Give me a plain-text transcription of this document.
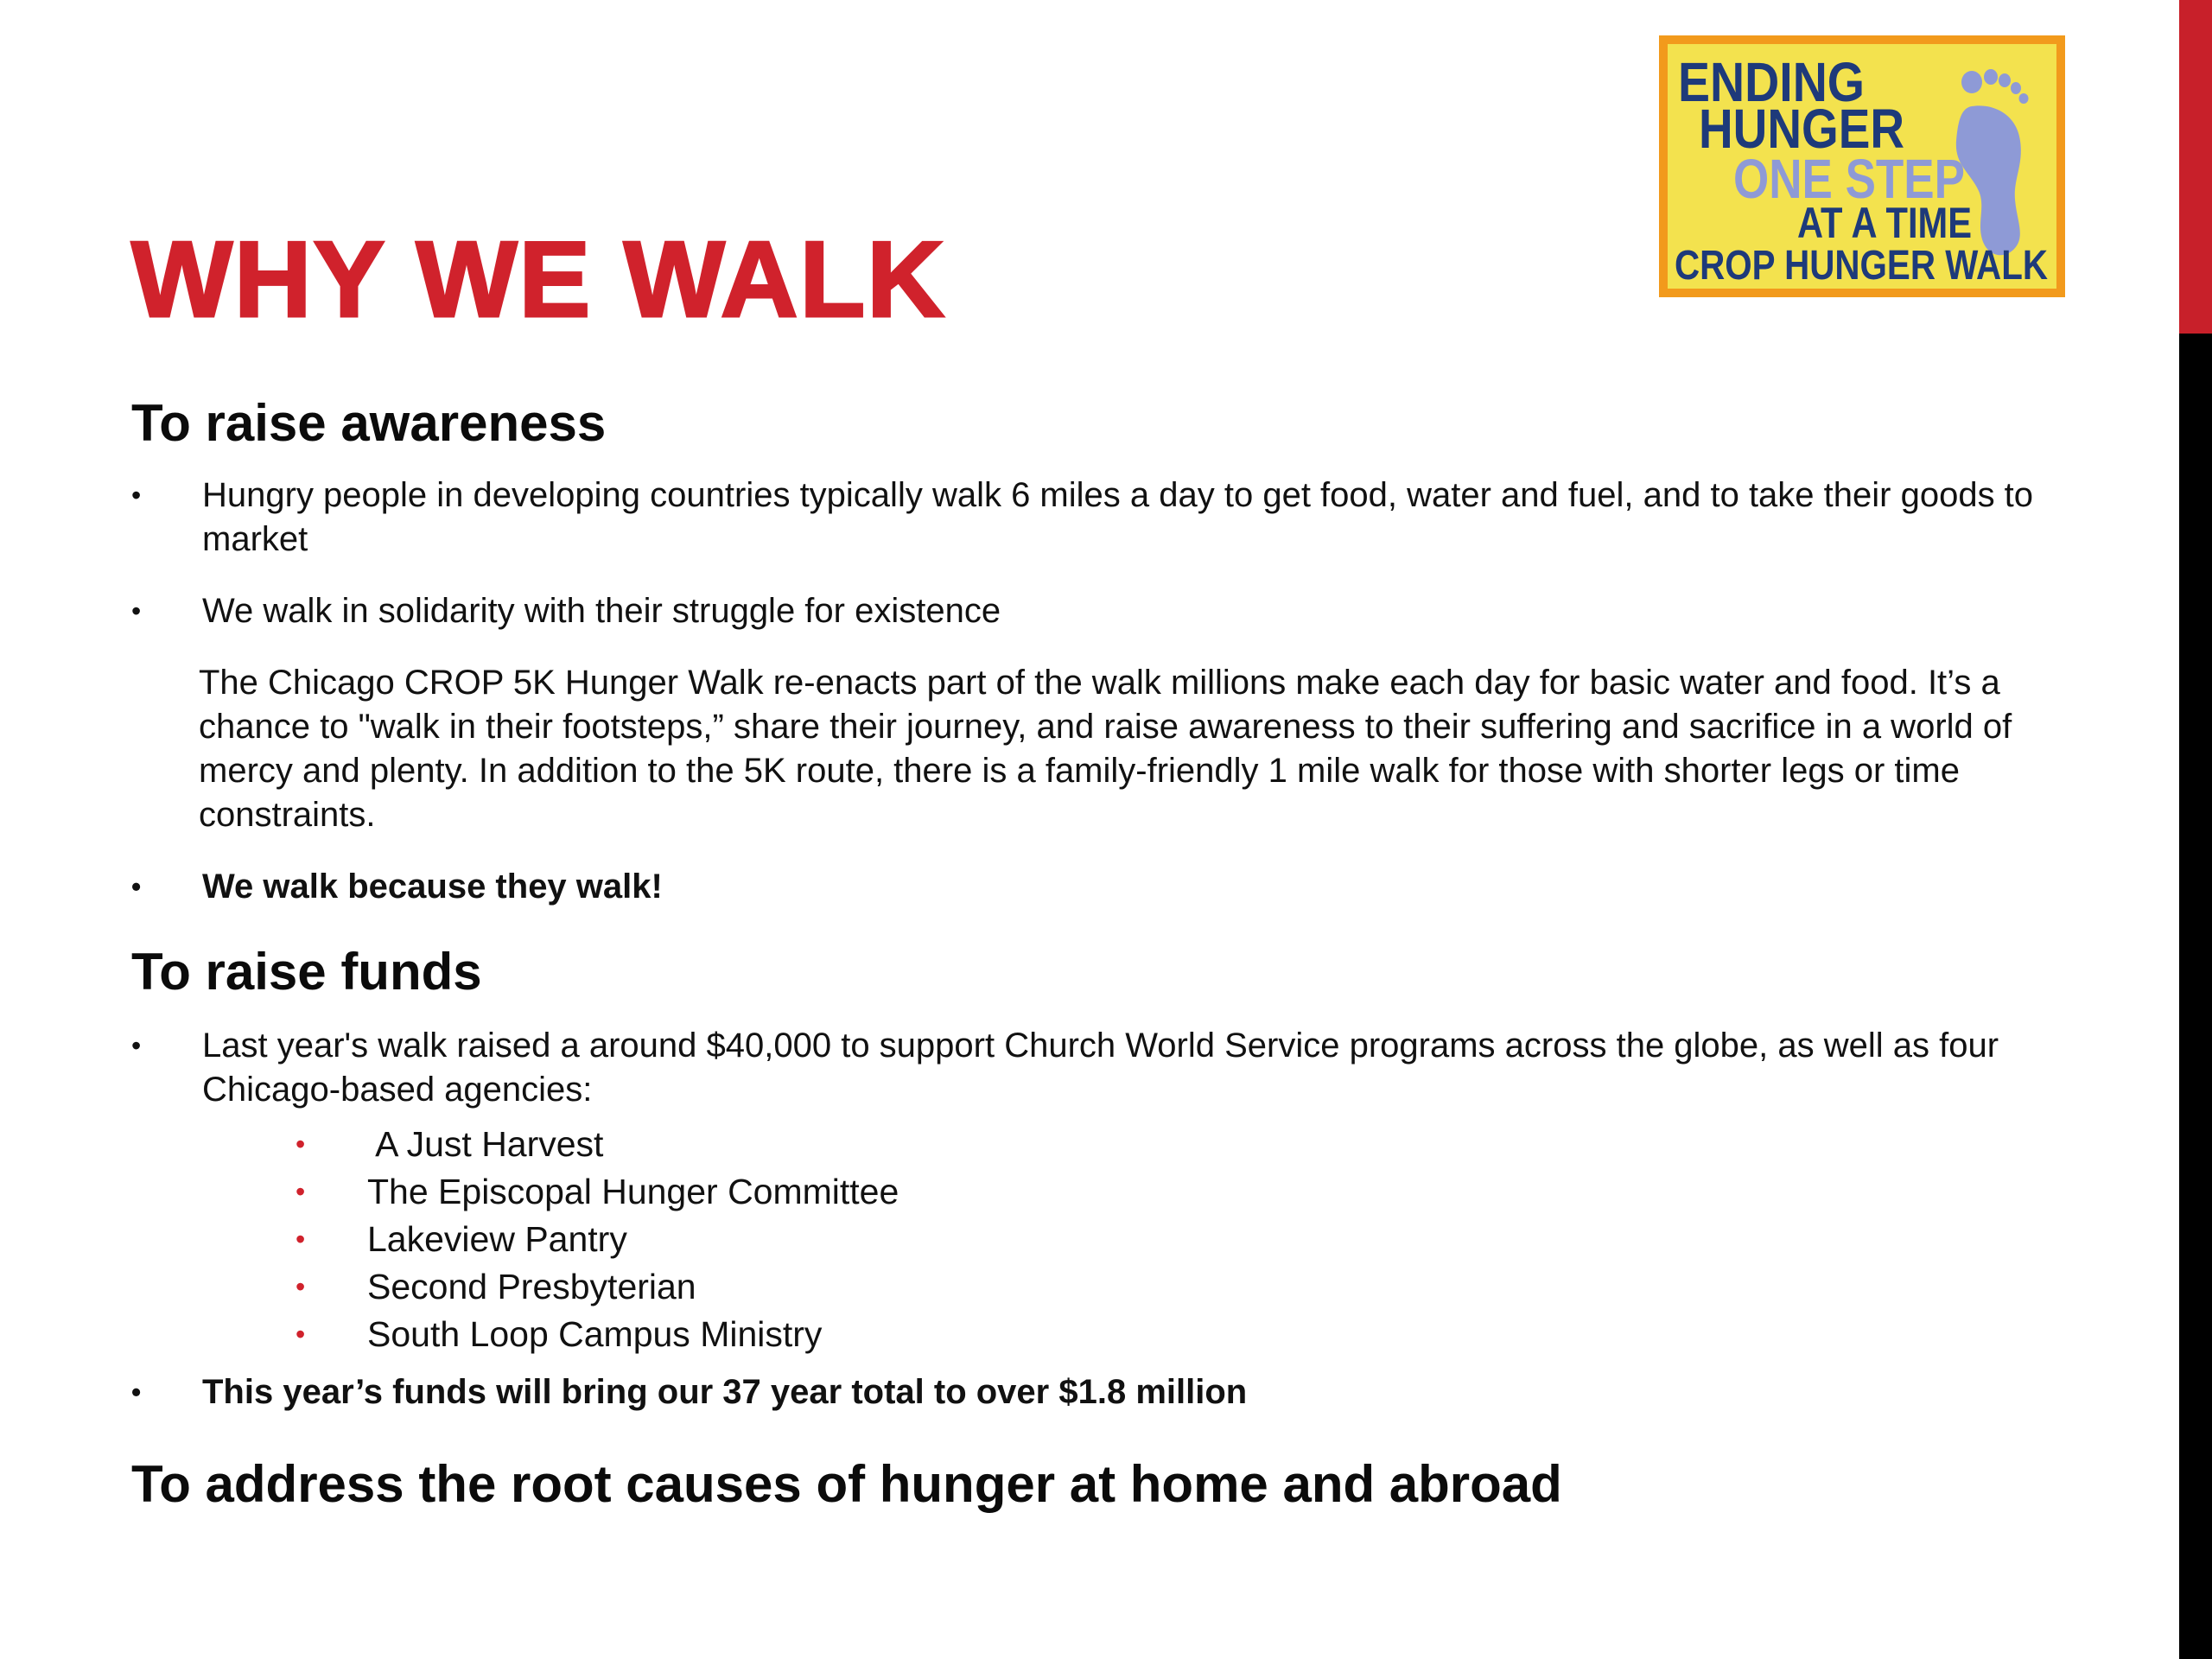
ENDING
HUNGER
ONE STEP
AT A TIME
CROP HUNGER WALK
WHY WE WALK
To raise awareness
•	Hungry people in developing countries typically walk 6 miles a day to get food, water and fuel, and to take their goods to market
•	We walk in solidarity with their struggle for existence

The Chicago CROP 5K Hunger Walk re-enacts part of the walk millions make each day for basic water and food. It’s a chance to "walk in their footsteps,” share their journey, and raise awareness to their suffering and sacrifice in a world of mercy and plenty. In addition to the 5K route, there is a family-friendly 1 mile walk for those with shorter legs or time constraints.

•	We walk because they walk!
To raise funds
•	Last year's walk raised a around $40,000 to support Church World Service programs across the globe, as well as four Chicago-based agencies:
• A Just Harvest
• The Episcopal Hunger Committee
• Lakeview Pantry
• Second Presbyterian
• South Loop Campus Ministry
•	This year’s funds will bring our 37 year total to over $1.8 million
To address the root causes of hunger at home and abroad
